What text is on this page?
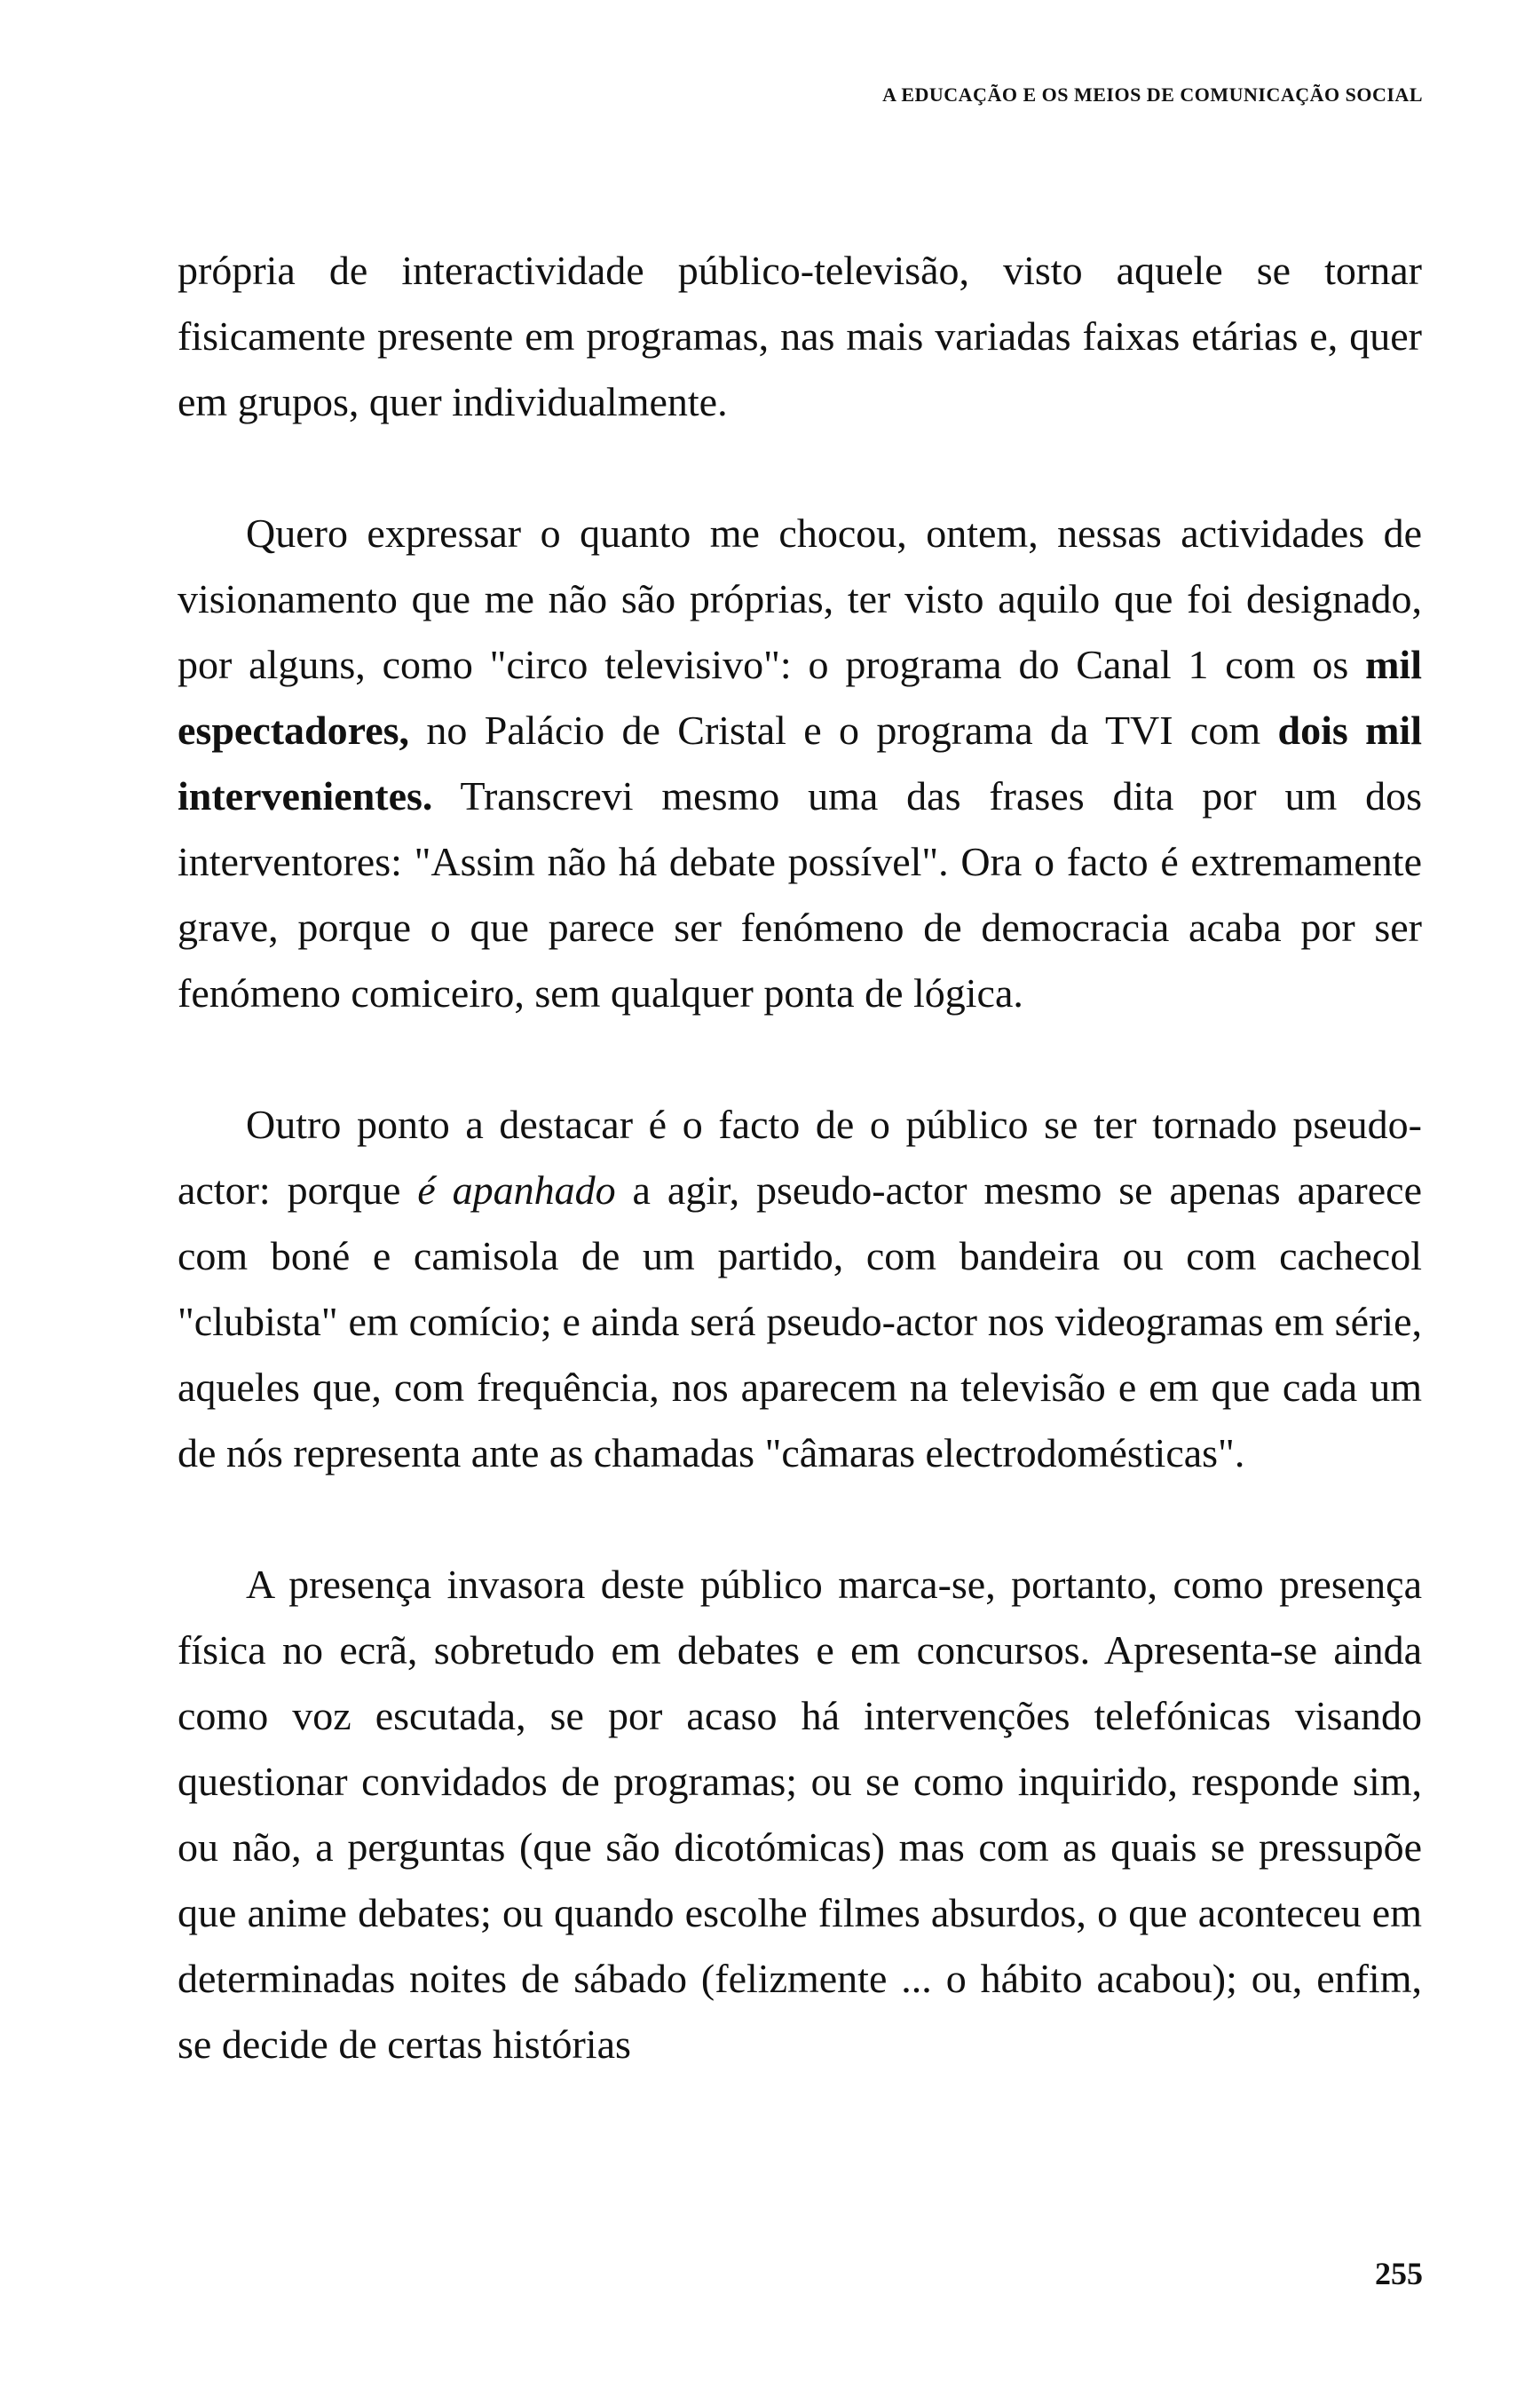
A EDUCAÇÃO E OS MEIOS DE COMUNICAÇÃO SOCIAL

própria de interactividade público-televisão, visto aquele se tornar fisicamente presente em programas, nas mais variadas faixas etárias e, quer em grupos, quer individualmente.

Quero expressar o quanto me chocou, ontem, nessas actividades de visionamento que me não são próprias, ter visto aquilo que foi designado, por alguns, como "circo televisivo": o programa do Canal 1 com os mil espectadores, no Palácio de Cristal e o programa da TVI com dois mil intervenientes. Transcrevi mesmo uma das frases dita por um dos interventores: "Assim não há debate possível". Ora o facto é extremamente grave, porque o que parece ser fenómeno de democracia acaba por ser fenómeno comiceiro, sem qualquer ponta de lógica.

Outro ponto a destacar é o facto de o público se ter tornado pseudo-actor: porque é apanhado a agir, pseudo-actor mesmo se apenas aparece com boné e camisola de um partido, com bandeira ou com cachecol "clubista" em comício; e ainda será pseudo-actor nos videogramas em série, aqueles que, com frequência, nos aparecem na televisão e em que cada um de nós representa ante as chamadas "câmaras electrodomésticas".

A presença invasora deste público marca-se, portanto, como presença física no ecrã, sobretudo em debates e em concursos. Apresenta-se ainda como voz escutada, se por acaso há intervenções telefónicas visando questionar convidados de programas; ou se como inquirido, responde sim, ou não, a perguntas (que são dicotómicas) mas com as quais se pressupõe que anime debates; ou quando escolhe filmes absurdos, o que aconteceu em determinadas noites de sábado (felizmente ... o hábito acabou); ou, enfim, se decide de certas histórias

255
